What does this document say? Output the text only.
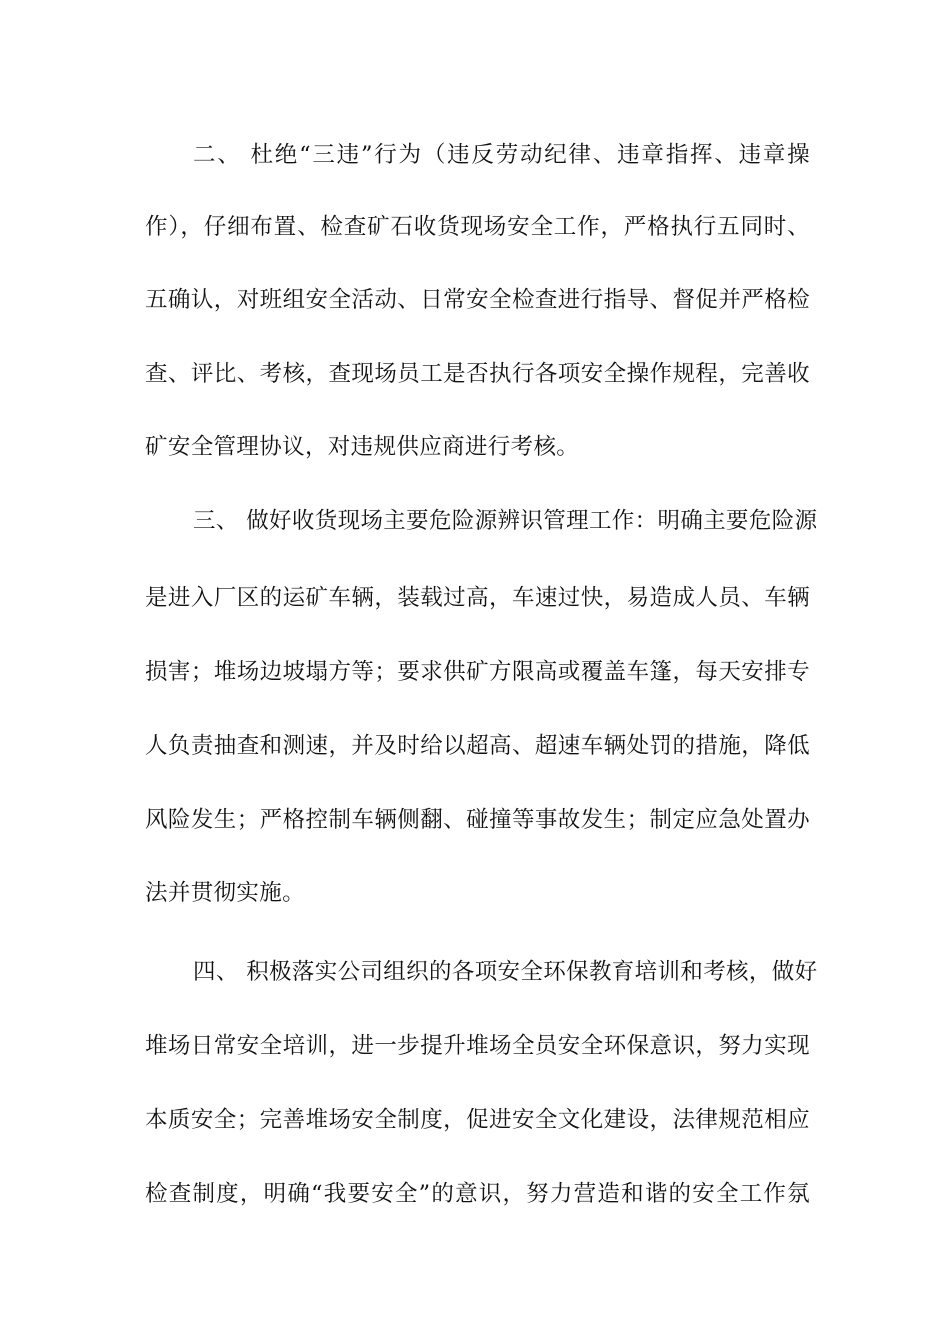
二、 杜绝“三违”行为（违反劳动纪律、违章指挥、违章操
作），仔细布置、检查矿石收货现场安全工作，严格执行五同时、
五确认，对班组安全活动、日常安全检查进行指导、督促并严格检
查、评比、考核，查现场员工是否执行各项安全操作规程，完善收
矿安全管理协议，对违规供应商进行考核。
三、 做好收货现场主要危险源辨识管理工作：明确主要危险源
是进入厂区的运矿车辆，装载过高，车速过快，易造成人员、车辆
损害；堆场边坡塌方等；要求供矿方限高或覆盖车篷，每天安排专
人负责抽查和测速，并及时给以超高、超速车辆处罚的措施，降低
风险发生；严格控制车辆侧翻、碰撞等事故发生；制定应急处置办
法并贯彻实施。
四、 积极落实公司组织的各项安全环保教育培训和考核，做好
堆场日常安全培训，进一步提升堆场全员安全环保意识，努力实现
本质安全；完善堆场安全制度，促进安全文化建设，法律规范相应
检查制度，明确“我要安全”的意识，努力营造和谐的安全工作氛
